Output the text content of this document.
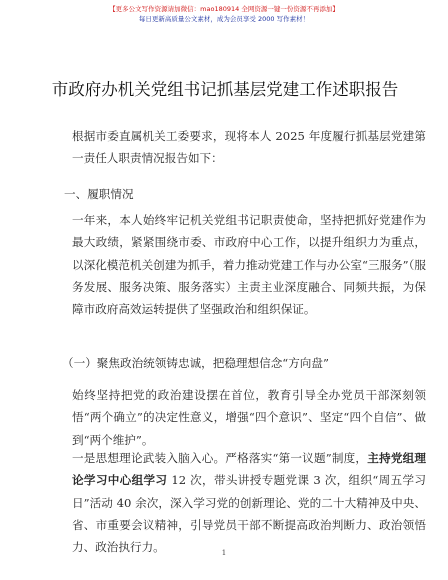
【更多公文写作资源请加微信：mao180914 全网资源一键一份资源不再添加】
每日更新高质量公文素材，成为会员享受 2000 写作素材！
市政府办机关党组书记抓基层党建工作述职报告

根据市委直属机关工委要求，现将本人 2025 年度履行抓基层党建第一责任人职责情况报告如下：

一、履职情况

一年来，本人始终牢记机关党组书记职责使命，坚持把抓好党建作为最大政绩，紧紧围绕市委、市政府中心工作，以提升组织力为重点，以深化模范机关创建为抓手，着力推动党建工作与办公室“三服务”（服务发展、服务决策、服务落实）主责主业深度融合、同频共振，为保障市政府高效运转提供了坚强政治和组织保证。

（一）聚焦政治统领铸忠诚，把稳理想信念“方向盘”

始终坚持把党的政治建设摆在首位，教育引导全办党员干部深刻领悟“两个确立”的决定性意义，增强“四个意识”、坚定“四个自信”、做到“两个维护”。

一是思想理论武装入脑入心。严格落实“第一议题”制度，主持党组理论学习中心组学习 12 次，带头讲授专题党课 3 次，组织“周五学习日”活动 40 余次，深入学习党的创新理论、党的二十大精神及中央、省、市重要会议精神，引导党员干部不断提高政治判断力、政治领悟力、政治执行力。	1
